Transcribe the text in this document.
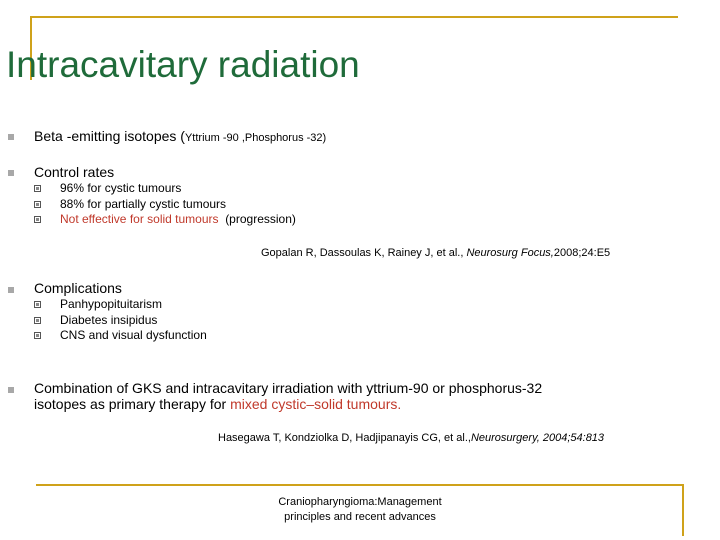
Intracavitary radiation
Beta -emitting isotopes (Yttrium -90 ,Phosphorus -32)
Control rates
96% for cystic tumours
88% for partially cystic tumours
Not effective for solid tumours (progression)
Gopalan R, Dassoulas K, Rainey J, et al., Neurosurg Focus,2008;24:E5
Complications
Panhypopituitarism
Diabetes insipidus
CNS and visual dysfunction
Combination of GKS and intracavitary irradiation with yttrium-90 or phosphorus-32
isotopes as primary therapy for mixed cystic–solid tumours.
Hasegawa T, Kondziolka D, Hadjipanayis CG, et al.,Neurosurgery, 2004;54:813
Craniopharyngioma:Management
principles and recent advances
